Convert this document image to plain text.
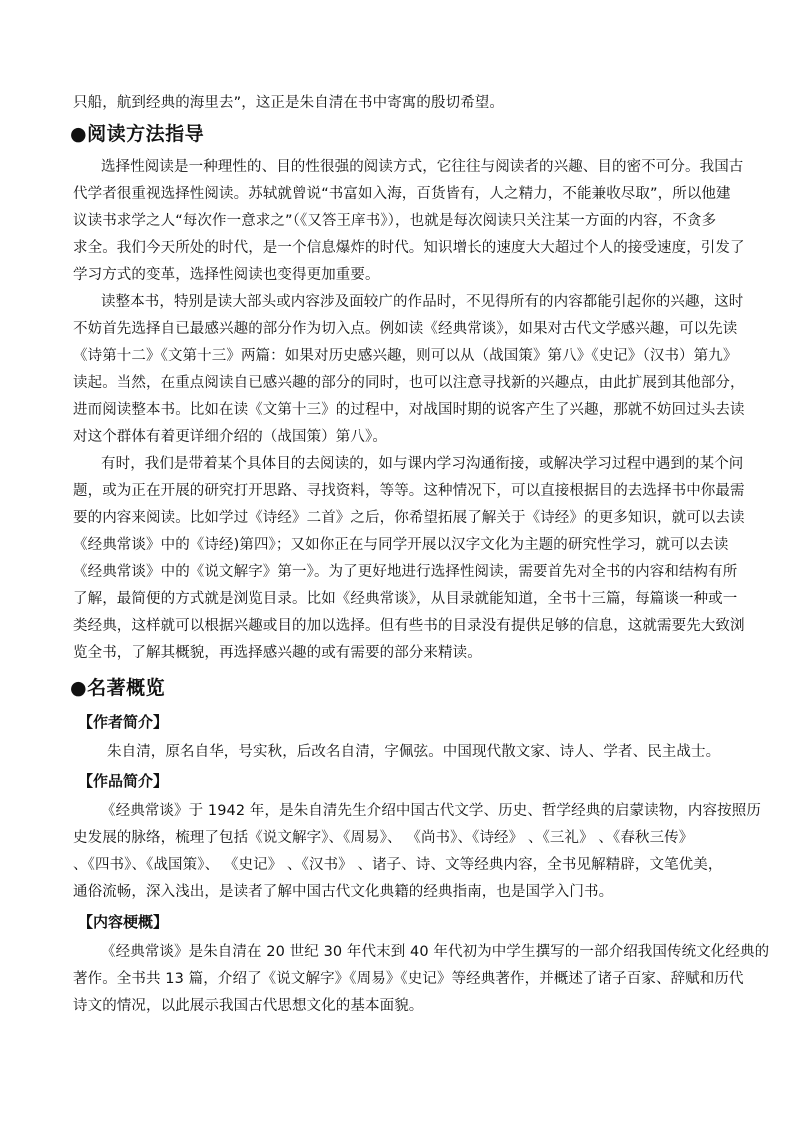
只船，航到经典的海里去”，这正是朱自清在书中寄寓的殷切希望。
●阅读方法指导
选择性阅读是一种理性的、目的性很强的阅读方式，它往往与阅读者的兴趣、目的密不可分。我国古
代学者很重视选择性阅读。苏轼就曾说“书富如入海，百货皆有，人之精力，不能兼收尽取”，所以他建
议读书求学之人“每次作一意求之”（《又答王庠书》），也就是每次阅读只关注某一方面的内容，不贪多
求全。我们今天所处的时代，是一个信息爆炸的时代。知识增长的速度大大超过个人的接受速度，引发了
学习方式的变革，选择性阅读也变得更加重要。
读整本书，特别是读大部头或内容涉及面较广的作品时，不见得所有的内容都能引起你的兴趣，这时
不妨首先选择自已最感兴趣的部分作为切入点。例如读《经典常谈》，如果对古代文学感兴趣，可以先读
《诗第十二》《文第十三》两篇：如果对历史感兴趣，则可以从（战国策》第八》《史记》（汉书）第九》
读起。当然，在重点阅读自已感兴趣的部分的同时，也可以注意寻找新的兴趣点，由此扩展到其他部分，
进而阅读整本书。比如在读《文第十三》的过程中，对战国时期的说客产生了兴趣，那就不妨回过头去读
对这个群体有着更详细介绍的（战国策）第八》。
有时，我们是带着某个具体目的去阅读的，如与课内学习沟通衔接，或解决学习过程中遇到的某个问
题，或为正在开展的研究打开思路、寻找资料，等等。这种情况下，可以直接根据目的去选择书中你最需
要的内容来阅读。比如学过《诗经》二首》之后，你希望拓展了解关于《诗经》的更多知识，就可以去读
《经典常谈》中的《诗经)第四》；又如你正在与同学开展以汉字文化为主题的研究性学习，就可以去读
《经典常谈》中的《说文解字》第一》。为了更好地进行选择性阅读，需要首先对全书的内容和结构有所
了解，最简便的方式就是浏览目录。比如《经典常谈》，从目录就能知道，全书十三篇，每篇谈一种或一
类经典，这样就可以根据兴趣或目的加以选择。但有些书的目录没有提供足够的信息，这就需要先大致浏
览全书，了解其概貌，再选择感兴趣的或有需要的部分来精读。
●名著概览
【作者简介】
朱自清，原名自华，号实秋，后改名自清，字佩弦。中国现代散文家、诗人、学者、民主战士。
【作品简介】
《经典常谈》于 1942 年，是朱自清先生介绍中国古代文学、历史、哲学经典的启蒙读物，内容按照历
史发展的脉络，梳理了包括《说文解字》、《周易》、 《尚书》、《诗经》 、《三礼》 、《春秋三传》
、《四书》、《战国策》、 《史记》 、《汉书》 、诸子、诗、文等经典内容，全书见解精辟，文笔优美，
通俗流畅，深入浅出，是读者了解中国古代文化典籍的经典指南，也是国学入门书。
【内容梗概】
《经典常谈》是朱自清在 20 世纪 30 年代末到 40 年代初为中学生撰写的一部介绍我国传统文化经典的
著作。全书共 13 篇，介绍了《说文解字》《周易》《史记》等经典著作，并概述了诸子百家、辞赋和历代
诗文的情况，以此展示我国古代思想文化的基本面貌。
